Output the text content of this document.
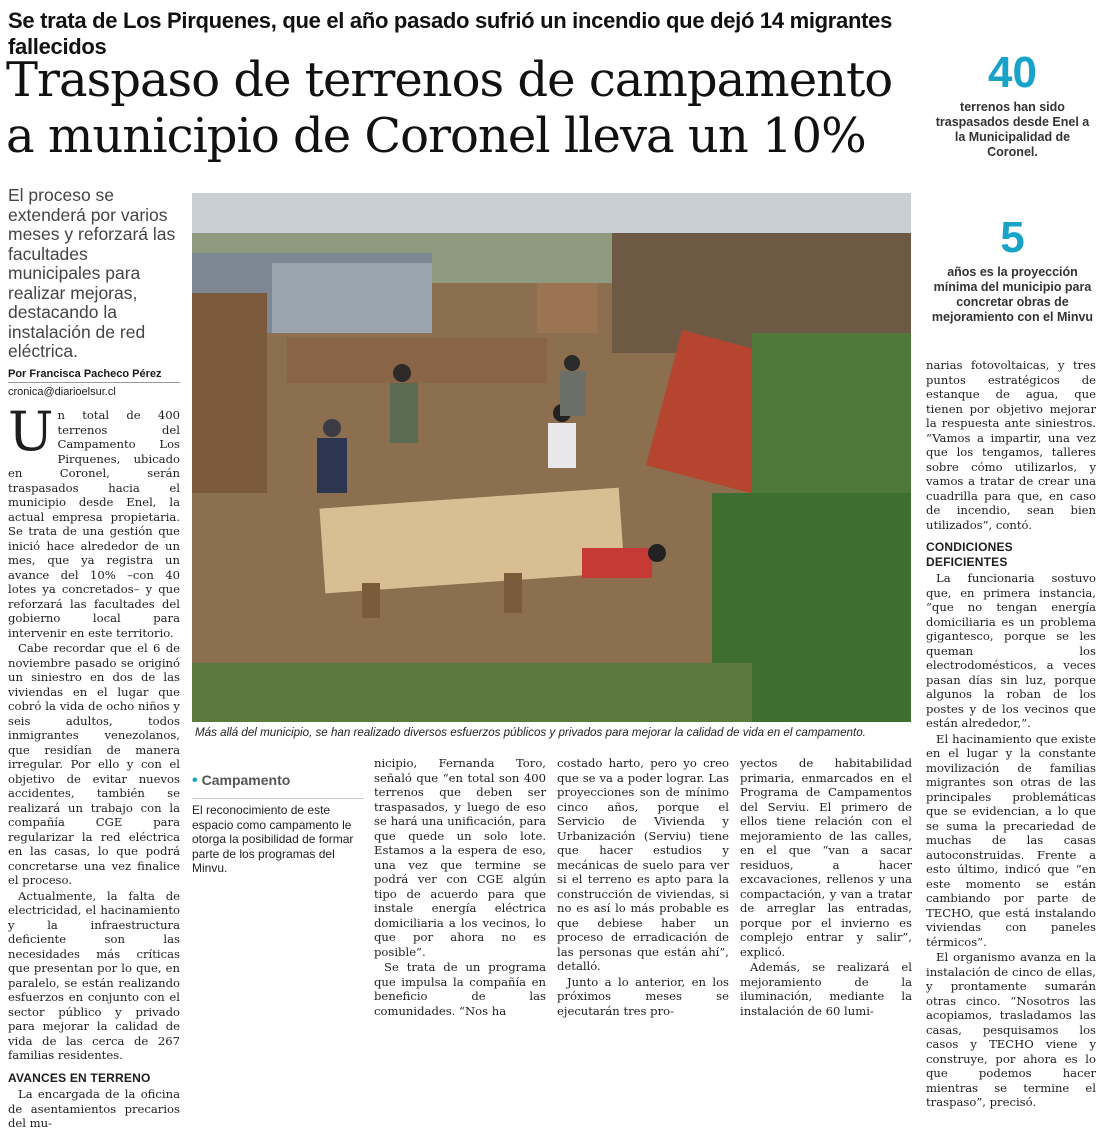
Se trata de Los Pirquenes, que el año pasado sufrió un incendio que dejó 14 migrantes fallecidos
Traspaso de terrenos de campamento
a municipio de Coronel lleva un 10%
40
terrenos han sido traspasados desde Enel a la Municipalidad de Coronel.
5
años es la proyección mínima del municipio para concretar obras de mejoramiento con el Minvu
El proceso se extenderá por varios meses y reforzará las facultades municipales para realizar mejoras, destacando la instalación de red eléctrica.
Por Francisca Pacheco Pérez
cronica@diarioelsur.cl
Más allá del municipio, se han realizado diversos esfuerzos públicos y privados para mejorar la calidad de vida en el campamento.

Un total de 400 terrenos del Campamento Los Pirquenes, ubicado en Coronel, serán traspasados hacia el municipio desde Enel, la actual empresa propietaria. Se trata de una gestión que inició hace alrededor de un mes, que ya registra un avance del 10% –con 40 lotes ya concretados– y que reforzará las facultades del gobierno local para intervenir en este territorio.

Cabe recordar que el 6 de noviembre pasado se originó un siniestro en dos de las viviendas en el lugar que cobró la vida de ocho niños y seis adultos, todos inmigrantes venezolanos, que residían de manera irregular. Por ello y con el objetivo de evitar nuevos accidentes, también se realizará un trabajo con la compañía CGE para regularizar la red eléctrica en las casas, lo que podrá concretarse una vez finalice el proceso.

Actualmente, la falta de electricidad, el hacinamiento y la infraestructura deficiente son las necesidades más críticas que presentan por lo que, en paralelo, se están realizando esfuerzos en conjunto con el sector público y privado para mejorar la calidad de vida de las cerca de 267 familias residentes.

AVANCES EN TERRENO

La encargada de la oficina de asentamientos precarios del mu-

• Campamento
El reconocimiento de este espacio como campamento le otorga la posibilidad de formar parte de los programas del Minvu.

nicipio, Fernanda Toro, señaló que “en total son 400 terrenos que deben ser traspasados, y luego de eso se hará una unificación, para que quede un solo lote. Estamos a la espera de eso, una vez que termine se podrá ver con CGE algún tipo de acuerdo para que instale energía eléctrica domiciliaria a los vecinos, lo que por ahora no es posible”.

Se trata de un programa que impulsa la compañía en beneficio de las comunidades. “Nos ha

costado harto, pero yo creo que se va a poder lograr. Las proyecciones son de mínimo cinco años, porque el Servicio de Vivienda y Urbanización (Serviu) tiene que hacer estudios y mecánicas de suelo para ver si el terreno es apto para la construcción de viviendas, si no es así lo más probable es que debiese haber un proceso de erradicación de las personas que están ahí”, detalló.

Junto a lo anterior, en los próximos meses se ejecutarán tres pro-

yectos de habitabilidad primaria, enmarcados en el Programa de Campamentos del Serviu. El primero de ellos tiene relación con el mejoramiento de las calles, en el que “van a sacar residuos, a hacer excavaciones, rellenos y una compactación, y van a tratar de arreglar las entradas, porque por el invierno es complejo entrar y salir”, explicó.

Además, se realizará el mejoramiento de la iluminación, mediante la instalación de 60 lumi-

narias fotovoltaicas, y tres puntos estratégicos de estanque de agua, que tienen por objetivo mejorar la respuesta ante siniestros. “Vamos a impartir, una vez que los tengamos, talleres sobre cómo utilizarlos, y vamos a tratar de crear una cuadrilla para que, en caso de incendio, sean bien utilizados”, contó.

CONDICIONES DEFICIENTES

La funcionaria sostuvo que, en primera instancia, “que no tengan energía domiciliaria es un problema gigantesco, porque se les queman los electrodomésticos, a veces pasan días sin luz, porque algunos la roban de los postes y de los vecinos que están alrededor,”.

El hacinamiento que existe en el lugar y la constante movilización de familias migrantes son otras de las principales problemáticas que se evidencian, a lo que se suma la precariedad de muchas de las casas autoconstruidas. Frente a esto último, indicó que “en este momento se están cambiando por parte de TECHO, que está instalando viviendas con paneles térmicos”.

El organismo avanza en la instalación de cinco de ellas, y prontamente sumarán otras cinco. “Nosotros las acopiamos, trasladamos las casas, pesquisamos los casos y TECHO viene y construye, por ahora es lo que podemos hacer mientras se termine el traspaso”, precisó.
